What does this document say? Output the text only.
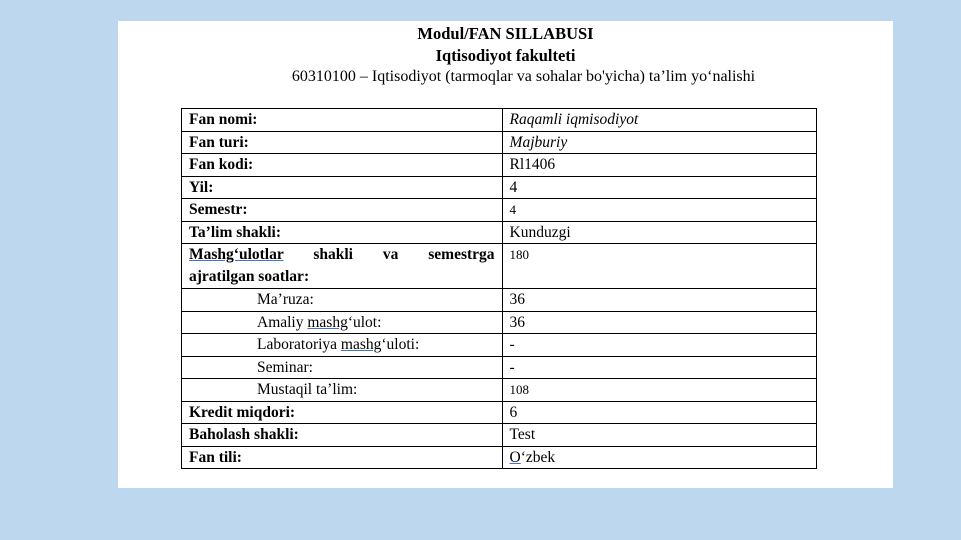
Modul/FAN SILLABUSI
Iqtisodiyot fakulteti
60310100 – Iqtisodiyot (tarmoqlar va sohalar bo'yicha) ta’lim yo‘nalishi
Fan nomi:	Raqamli iqmisodiyot
Fan turi:	Majburiy
Fan kodi:	Rl1406
Yil:	4
Semestr:	4
Ta’lim shakli:	Kunduzgi
Mashg‘ulotlar shakli va semestrga
ajratilgan soatlar:	180
Ma’ruza:	36
Amaliy mashg‘ulot:	36
Laboratoriya mashg‘uloti:	-
Seminar:	-
Mustaqil ta’lim:	108
Kredit miqdori:	6
Baholash shakli:	Test
Fan tili:	O‘zbek
